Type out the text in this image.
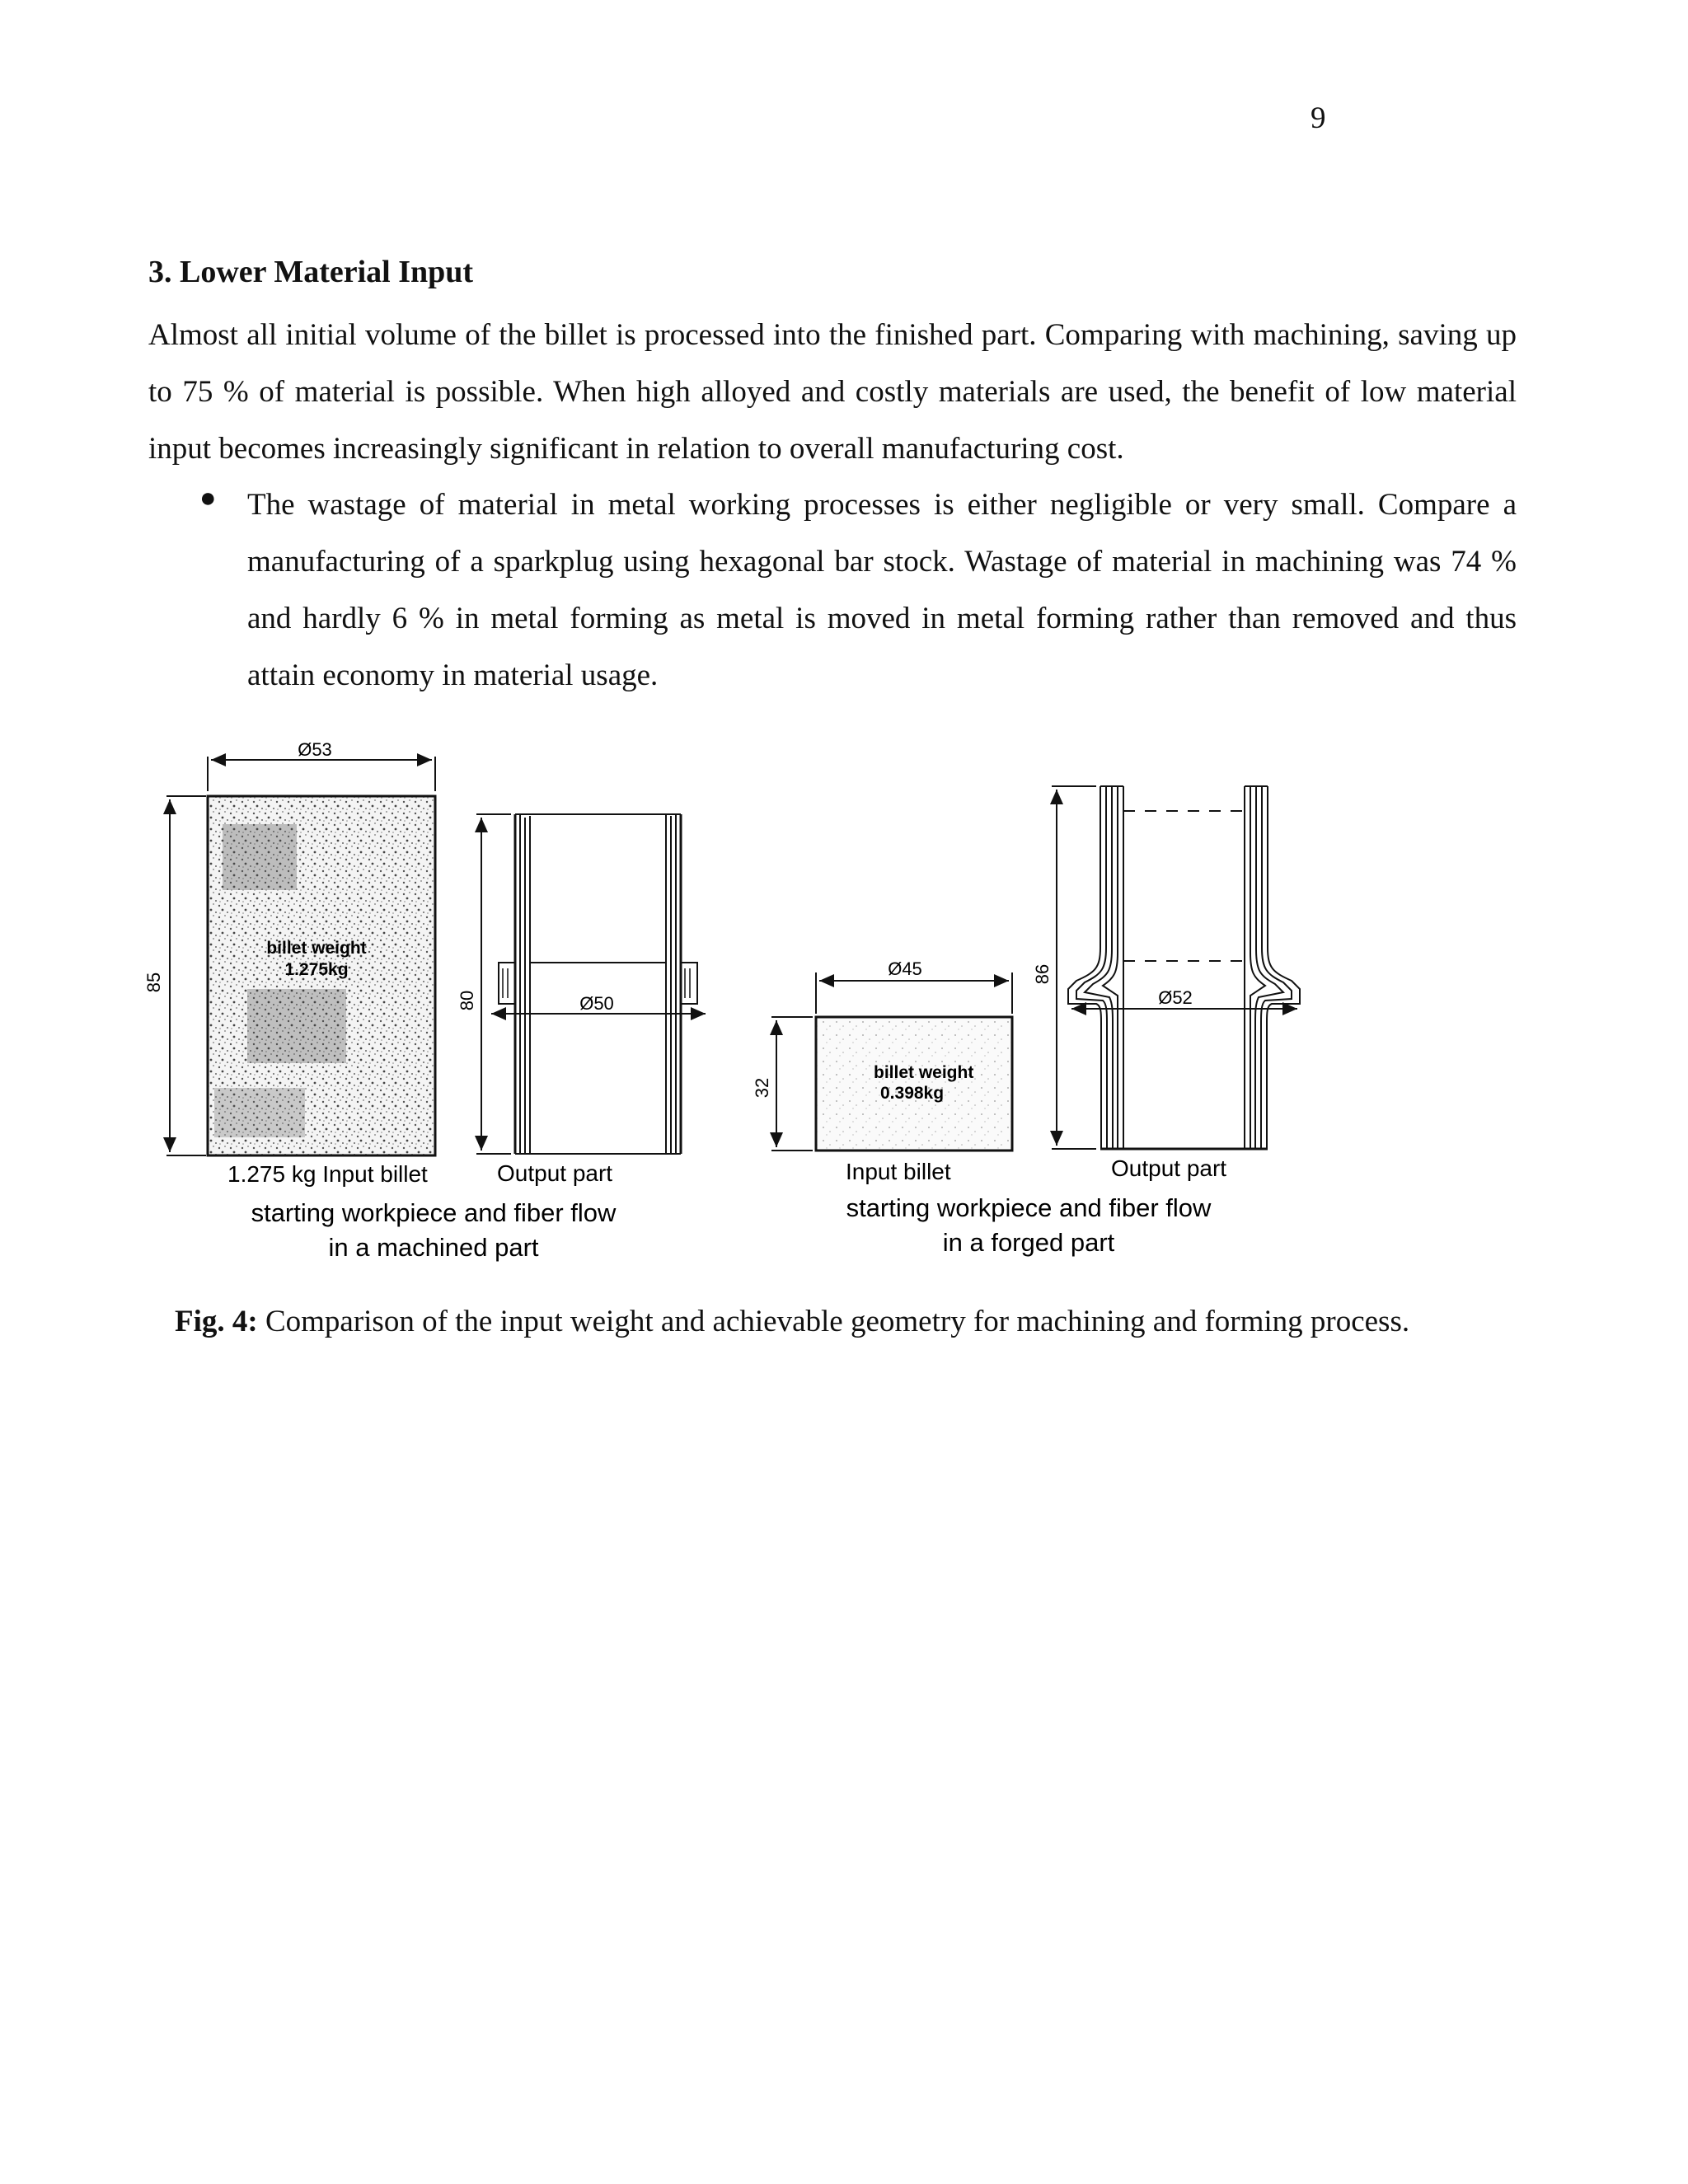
9
3. Lower Material Input
Almost all initial volume of the billet is processed into the finished part. Comparing with machining, saving up to 75 % of material is possible. When high alloyed and costly materials are used, the benefit of low material input becomes increasingly significant in relation to overall manufacturing cost.
● The wastage of material in metal working processes is either negligible or very small. Compare a manufacturing of a sparkplug using hexagonal bar stock. Wastage of material in machining was 74 % and hardly 6 % in metal forming as metal is moved in metal forming rather than removed and thus attain economy in material usage.
Ø53
85
billet weight
1.275kg
80	Ø50
1.275 kg Input billet	Output part
starting workpiece and fiber flow
in a machined part
Ø45
32
billet weight
0.398kg
86
Ø52
Input billet	Output part
starting workpiece and fiber flow
in a forged part
Fig. 4: Comparison of the input weight and achievable geometry for machining and forming process.
